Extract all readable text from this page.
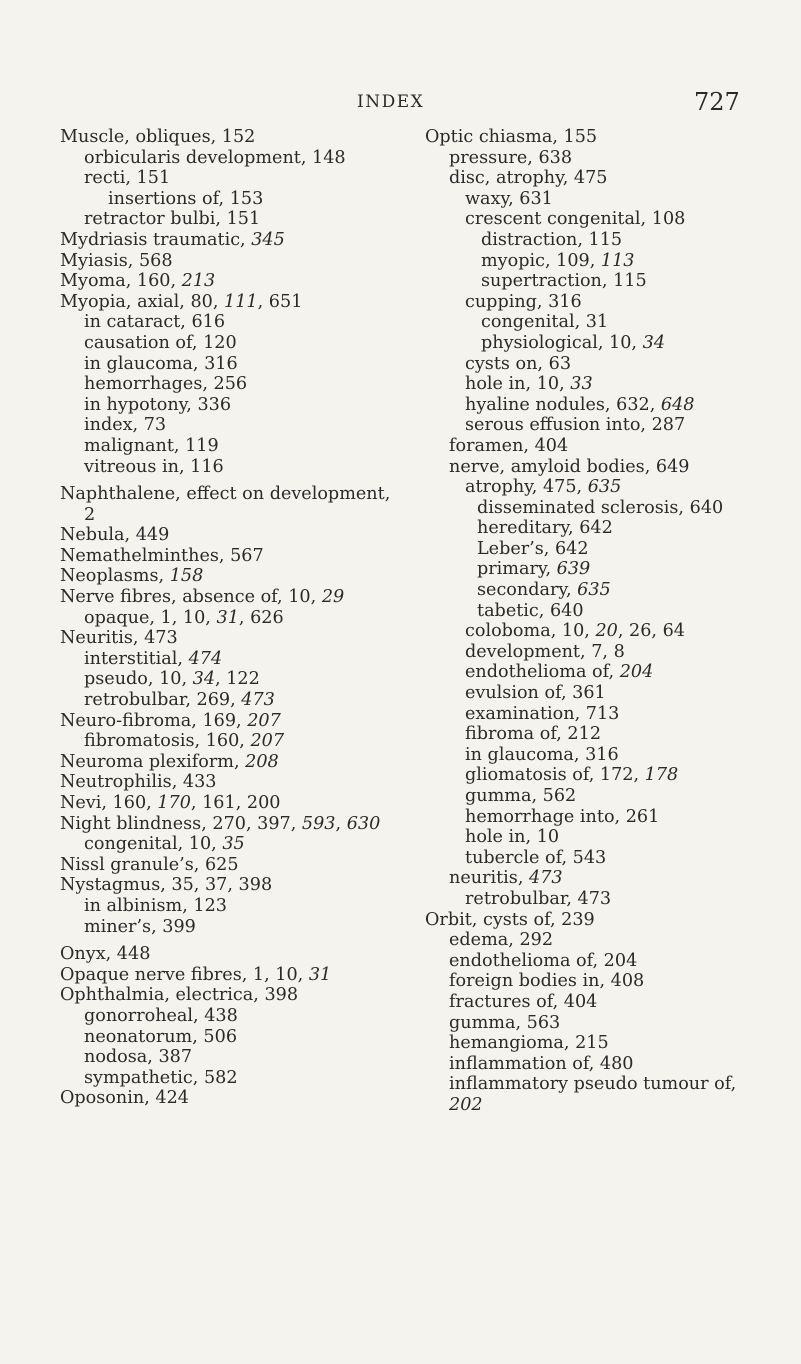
INDEX	727
Muscle, obliques, 152
orbicularis development, 148
recti, 151
insertions of, 153
retractor bulbi, 151
Mydriasis traumatic, 345
Myiasis, 568
Myoma, 160, 213
Myopia, axial, 80, 111, 651
in cataract, 616
causation of, 120
in glaucoma, 316
hemorrhages, 256
in hypotony, 336
index, 73
malignant, 119
vitreous in, 116
Naphthalene, effect on development,
2
Nebula, 449
Nemathelminthes, 567
Neoplasms, 158
Nerve fibres, absence of, 10, 29
opaque, 1, 10, 31, 626
Neuritis, 473
interstitial, 474
pseudo, 10, 34, 122
retrobulbar, 269, 473
Neuro-fibroma, 169, 207
fibromatosis, 160, 207
Neuroma plexiform, 208
Neutrophilis, 433
Nevi, 160, 170, 161, 200
Night blindness, 270, 397, 593, 630
congenital, 10, 35
Nissl granule’s, 625
Nystagmus, 35, 37, 398
in albinism, 123
miner’s, 399
Onyx, 448
Opaque nerve fibres, 1, 10, 31
Ophthalmia, electrica, 398
gonorroheal, 438
neonatorum, 506
nodosa, 387
sympathetic, 582
Oposonin, 424
Optic chiasma, 155
pressure, 638
disc, atrophy, 475
waxy, 631
crescent congenital, 108
distraction, 115
myopic, 109, 113
supertraction, 115
cupping, 316
congenital, 31
physiological, 10, 34
cysts on, 63
hole in, 10, 33
hyaline nodules, 632, 648
serous effusion into, 287
foramen, 404
nerve, amyloid bodies, 649
atrophy, 475, 635
disseminated sclerosis, 640
hereditary, 642
Leber’s, 642
primary, 639
secondary, 635
tabetic, 640
coloboma, 10, 20, 26, 64
development, 7, 8
endothelioma of, 204
evulsion of, 361
examination, 713
fibroma of, 212
in glaucoma, 316
gliomatosis of, 172, 178
gumma, 562
hemorrhage into, 261
hole in, 10
tubercle of, 543
neuritis, 473
retrobulbar, 473
Orbit, cysts of, 239
edema, 292
endothelioma of, 204
foreign bodies in, 408
fractures of, 404
gumma, 563
hemangioma, 215
inflammation of, 480
inflammatory pseudo tumour of,
202
